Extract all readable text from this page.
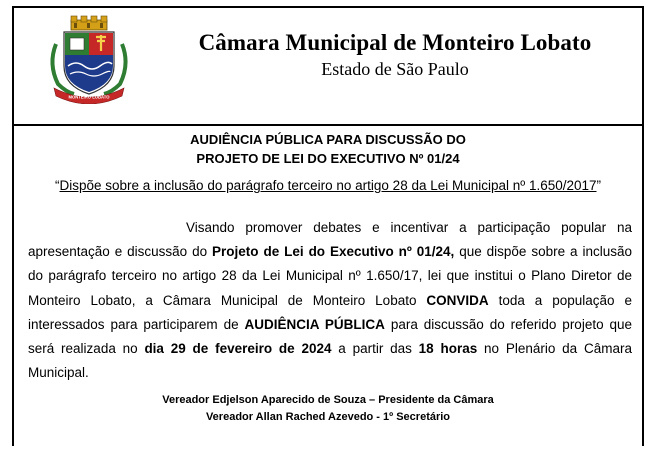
MONTEIRO LOBATO
Câmara Municipal de Monteiro Lobato
Estado de São Paulo
AUDIÊNCIA PÚBLICA PARA DISCUSSÃO DO
PROJETO DE LEI DO EXECUTIVO Nº 01/24
“Dispõe sobre a inclusão do parágrafo terceiro no artigo 28 da Lei Municipal nº 1.650/2017”
Visando promover debates e incentivar a participação popular na apresentação e discussão do Projeto de Lei do Executivo nº 01/24, que dispõe sobre a inclusão do parágrafo terceiro no artigo 28 da Lei Municipal nº 1.650/17, lei que institui o Plano Diretor de Monteiro Lobato, a Câmara Municipal de Monteiro Lobato CONVIDA toda a população e interessados para participarem de AUDIÊNCIA PÚBLICA para discussão do referido projeto que será realizada no dia 29 de fevereiro de 2024 a partir das 18 horas no Plenário da Câmara Municipal.
Vereador Edjelson Aparecido de Souza – Presidente da Câmara
Vereador Allan Rached Azevedo - 1º Secretário
